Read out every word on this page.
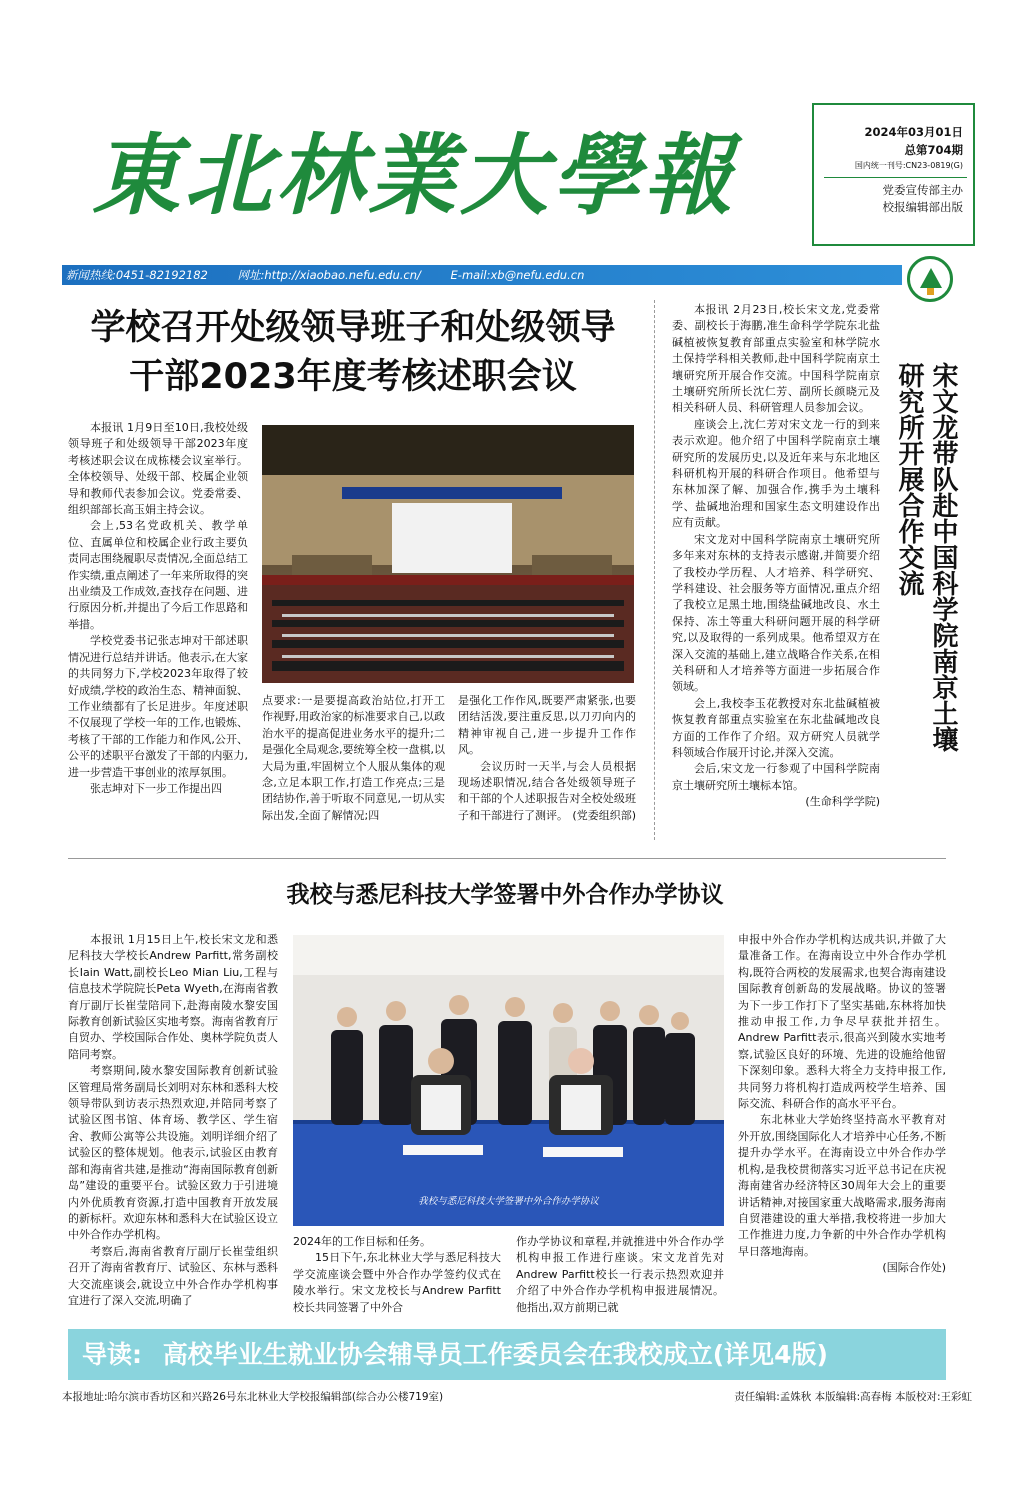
東北林業大學報	2024年03月01日
总第704期
国内统一刊号:CN23-0819(G)
党委宣传部主办
校报编辑部出版
新闻热线:0451-82192182	网址:http://xiaobao.nefu.edu.cn/	E-mail:xb@nefu.edu.cn
学校召开处级领导班子和处级领导
干部2023年度考核述职会议

本报讯 1月9日至10日,我校处级领导班子和处级领导干部2023年度考核述职会议在成栋楼会议室举行。全体校领导、处级干部、校属企业领导和教师代表参加会议。党委常委、组织部部长高玉娟主持会议。

会上,53名党政机关、教学单位、直属单位和校属企业行政主要负责同志围绕履职尽责情况,全面总结工作实绩,重点阐述了一年来所取得的突出业绩及工作成效,查找存在问题、进行原因分析,并提出了今后工作思路和举措。

学校党委书记张志坤对干部述职情况进行总结并讲话。他表示,在大家的共同努力下,学校2023年取得了较好成绩,学校的政治生态、精神面貌、工作业绩都有了长足进步。年度述职不仅展现了学校一年的工作,也锻炼、考核了干部的工作能力和作风,公开、公平的述职平台激发了干部的内驱力,进一步营造干事创业的浓厚氛围。

张志坤对下一步工作提出四

点要求:一是要提高政治站位,打开工作视野,用政治家的标准要求自己,以政治水平的提高促进业务水平的提升;二是强化全局观念,要统筹全校一盘棋,以大局为重,牢固树立个人服从集体的观念,立足本职工作,打造工作亮点;三是团结协作,善于听取不同意见,一切从实际出发,全面了解情况;四

是强化工作作风,既要严肃紧张,也要团结活泼,要注重反思,以刀刃向内的精神审视自己,进一步提升工作作风。

会议历时一天半,与会人员根据现场述职情况,结合各处级领导班子和干部的个人述职报告对全校处级班子和干部进行了测评。 (党委组织部)

本报讯 2月23日,校长宋文龙,党委常委、副校长于海鹏,准生命科学学院东北盐碱植被恢复教育部重点实验室和林学院水土保持学科相关教师,赴中国科学院南京土壤研究所开展合作交流。中国科学院南京土壤研究所所长沈仁芳、副所长颜晓元及相关科研人员、科研管理人员参加会议。

座谈会上,沈仁芳对宋文龙一行的到来表示欢迎。他介绍了中国科学院南京土壤研究所的发展历史,以及近年来与东北地区科研机构开展的科研合作项目。他希望与东林加深了解、加强合作,携手为土壤科学、盐碱地治理和国家生态文明建设作出应有贡献。

宋文龙对中国科学院南京土壤研究所多年来对东林的支持表示感谢,并简要介绍了我校办学历程、人才培养、科学研究、学科建设、社会服务等方面情况,重点介绍了我校立足黑土地,围绕盐碱地改良、水土保持、冻土等重大科研问题开展的科学研究,以及取得的一系列成果。他希望双方在深入交流的基础上,建立战略合作关系,在相关科研和人才培养等方面进一步拓展合作领域。

会上,我校李玉花教授对东北盐碱植被恢复教育部重点实验室在东北盐碱地改良方面的工作作了介绍。双方研究人员就学科领域合作展开讨论,并深入交流。

会后,宋文龙一行参观了中国科学院南京土壤研究所土壤标本馆。

(生命科学学院)
宋文龙带队赴中国科学院南京土壤研究所开展合作交流
我校与悉尼科技大学签署中外合作办学协议

本报讯 1月15日上午,校长宋文龙和悉尼科技大学校长Andrew Parfitt,常务副校长Iain Watt,副校长Leo Mian Liu,工程与信息技术学院院长Peta Wyeth,在海南省教育厅副厅长崔莹陪同下,赴海南陵水黎安国际教育创新试验区实地考察。海南省教育厅自贸办、学校国际合作处、奥林学院负责人陪同考察。

考察期间,陵水黎安国际教育创新试验区管理局常务副局长刘明对东林和悉科大校领导带队到访表示热烈欢迎,并陪同考察了试验区图书馆、体育场、教学区、学生宿舍、教师公寓等公共设施。刘明详细介绍了试验区的整体规划。他表示,试验区由教育部和海南省共建,是推动“海南国际教育创新岛”建设的重要平台。试验区致力于引进境内外优质教育资源,打造中国教育开放发展的新标杆。欢迎东林和悉科大在试验区设立中外合作办学机构。

考察后,海南省教育厅副厅长崔莹组织召开了海南省教育厅、试验区、东林与悉科大交流座谈会,就设立中外合作办学机构事宜进行了深入交流,明确了

我校与悉尼科技大学签署中外合作办学协议

2024年的工作目标和任务。

15日下午,东北林业大学与悉尼科技大学交流座谈会暨中外合作办学签约仪式在陵水举行。宋文龙校长与Andrew Parfitt校长共同签署了中外合

作办学协议和章程,并就推进中外合作办学机构申报工作进行座谈。宋文龙首先对Andrew Parfitt校长一行表示热烈欢迎并介绍了中外合作办学机构申报进展情况。他指出,双方前期已就

申报中外合作办学机构达成共识,并做了大量准备工作。在海南设立中外合作办学机构,既符合两校的发展需求,也契合海南建设国际教育创新岛的发展战略。协议的签署为下一步工作打下了坚实基础,东林将加快推动申报工作,力争尽早获批并招生。Andrew Parfitt表示,很高兴到陵水实地考察,试验区良好的环境、先进的设施给他留下深刻印象。悉科大将全力支持申报工作,共同努力将机构打造成两校学生培养、国际交流、科研合作的高水平平台。

东北林业大学始终坚持高水平教育对外开放,围绕国际化人才培养中心任务,不断提升办学水平。在海南设立中外合作办学机构,是我校贯彻落实习近平总书记在庆祝海南建省办经济特区30周年大会上的重要讲话精神,对接国家重大战略需求,服务海南自贸港建设的重大举措,我校将进一步加大工作推进力度,力争新的中外合作办学机构早日落地海南。

(国际合作处)
导读: 高校毕业生就业协会辅导员工作委员会在我校成立(详见4版)
本报地址:哈尔滨市香坊区和兴路26号东北林业大学校报编辑部(综合办公楼719室)	责任编辑:孟姝秋 本版编辑:高春梅 本版校对:王彩虹
